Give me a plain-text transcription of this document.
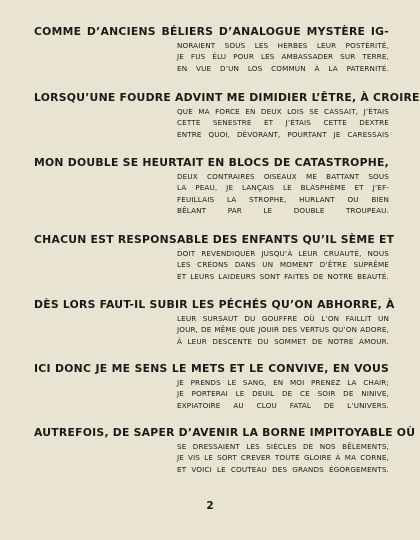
COMME D’ANCIENS BÉLIERS D’ANALOGUE MYSTÈRE IG-
NORAIENT SOUS LES HERBES LEUR POSTÉRITÉ,
JE FUS ÉLU POUR LES AMBASSADER SUR TERRE,
EN VUE D’UN LOS COMMUN À LA PATERNITÉ.
LORSQU’UNE FOUDRE ADVINT ME DIMIDIER L’ÊTRE, À CROIRE
QUE MA FORCE EN DEUX LOIS SE CASSAIT, J’ÉTAIS
CETTE SENESTRE ET J’ÉTAIS CETTE DEXTRE
ENTRE QUOI, DÉVORANT, POURTANT JE CARESSAIS
MON DOUBLE SE HEURTAIT EN BLOCS DE CATASTROPHE,
DEUX CONTRAIRES OISEAUX ME BATTANT SOUS
LA PEAU, JE LANÇAIS LE BLASPHÈME ET J’EF-
FEUILLAIS LA STROPHE, HURLANT OU BIEN
BÊLANT PAR LE DOUBLE TROUPEAU.
CHACUN EST RESPONSABLE DES ENFANTS QU’IL SÈME ET
DOIT REVENDIQUER JUSQU’À LEUR CRUAUTÉ, NOUS
LES CRÉONS DANS UN MOMENT D’ÊTRE SUPRÊME
ET LEURS LAIDEURS SONT FAITES DE NOTRE BEAUTÉ.
DÈS LORS FAUT-IL SUBIR LES PÉCHÉS QU’ON ABHORRE, À
LEUR SURSAUT DU GOUFFRE OÙ L’ON FAILLIT UN
JOUR, DE MÊME QUE JOUIR DES VERTUS QU’ON ADORE,
À LEUR DESCENTE DU SOMMET DE NOTRE AMOUR.
ICI DONC JE ME SENS LE METS ET LE CONVIVE, EN VOUS
JE PRENDS LE SANG, EN MOI PRENEZ LA CHAIR;
JE PORTERAI LE DEUIL DE CE SOIR DE NINIVE,
EXPIATOIRE AU CLOU FATAL DE L’UNIVERS.
AUTREFOIS, DE SAPER D’AVENIR LA BORNE IMPITOYABLE OÙ
SE DRESSAIENT LES SIÈCLES DE NOS BÊLEMENTS,
JE VIS LE SORT CREVER TOUTE GLOIRE À MA CORNE,
ET VOICI LE COUTEAU DES GRANDS ÉGORGEMENTS.
2
